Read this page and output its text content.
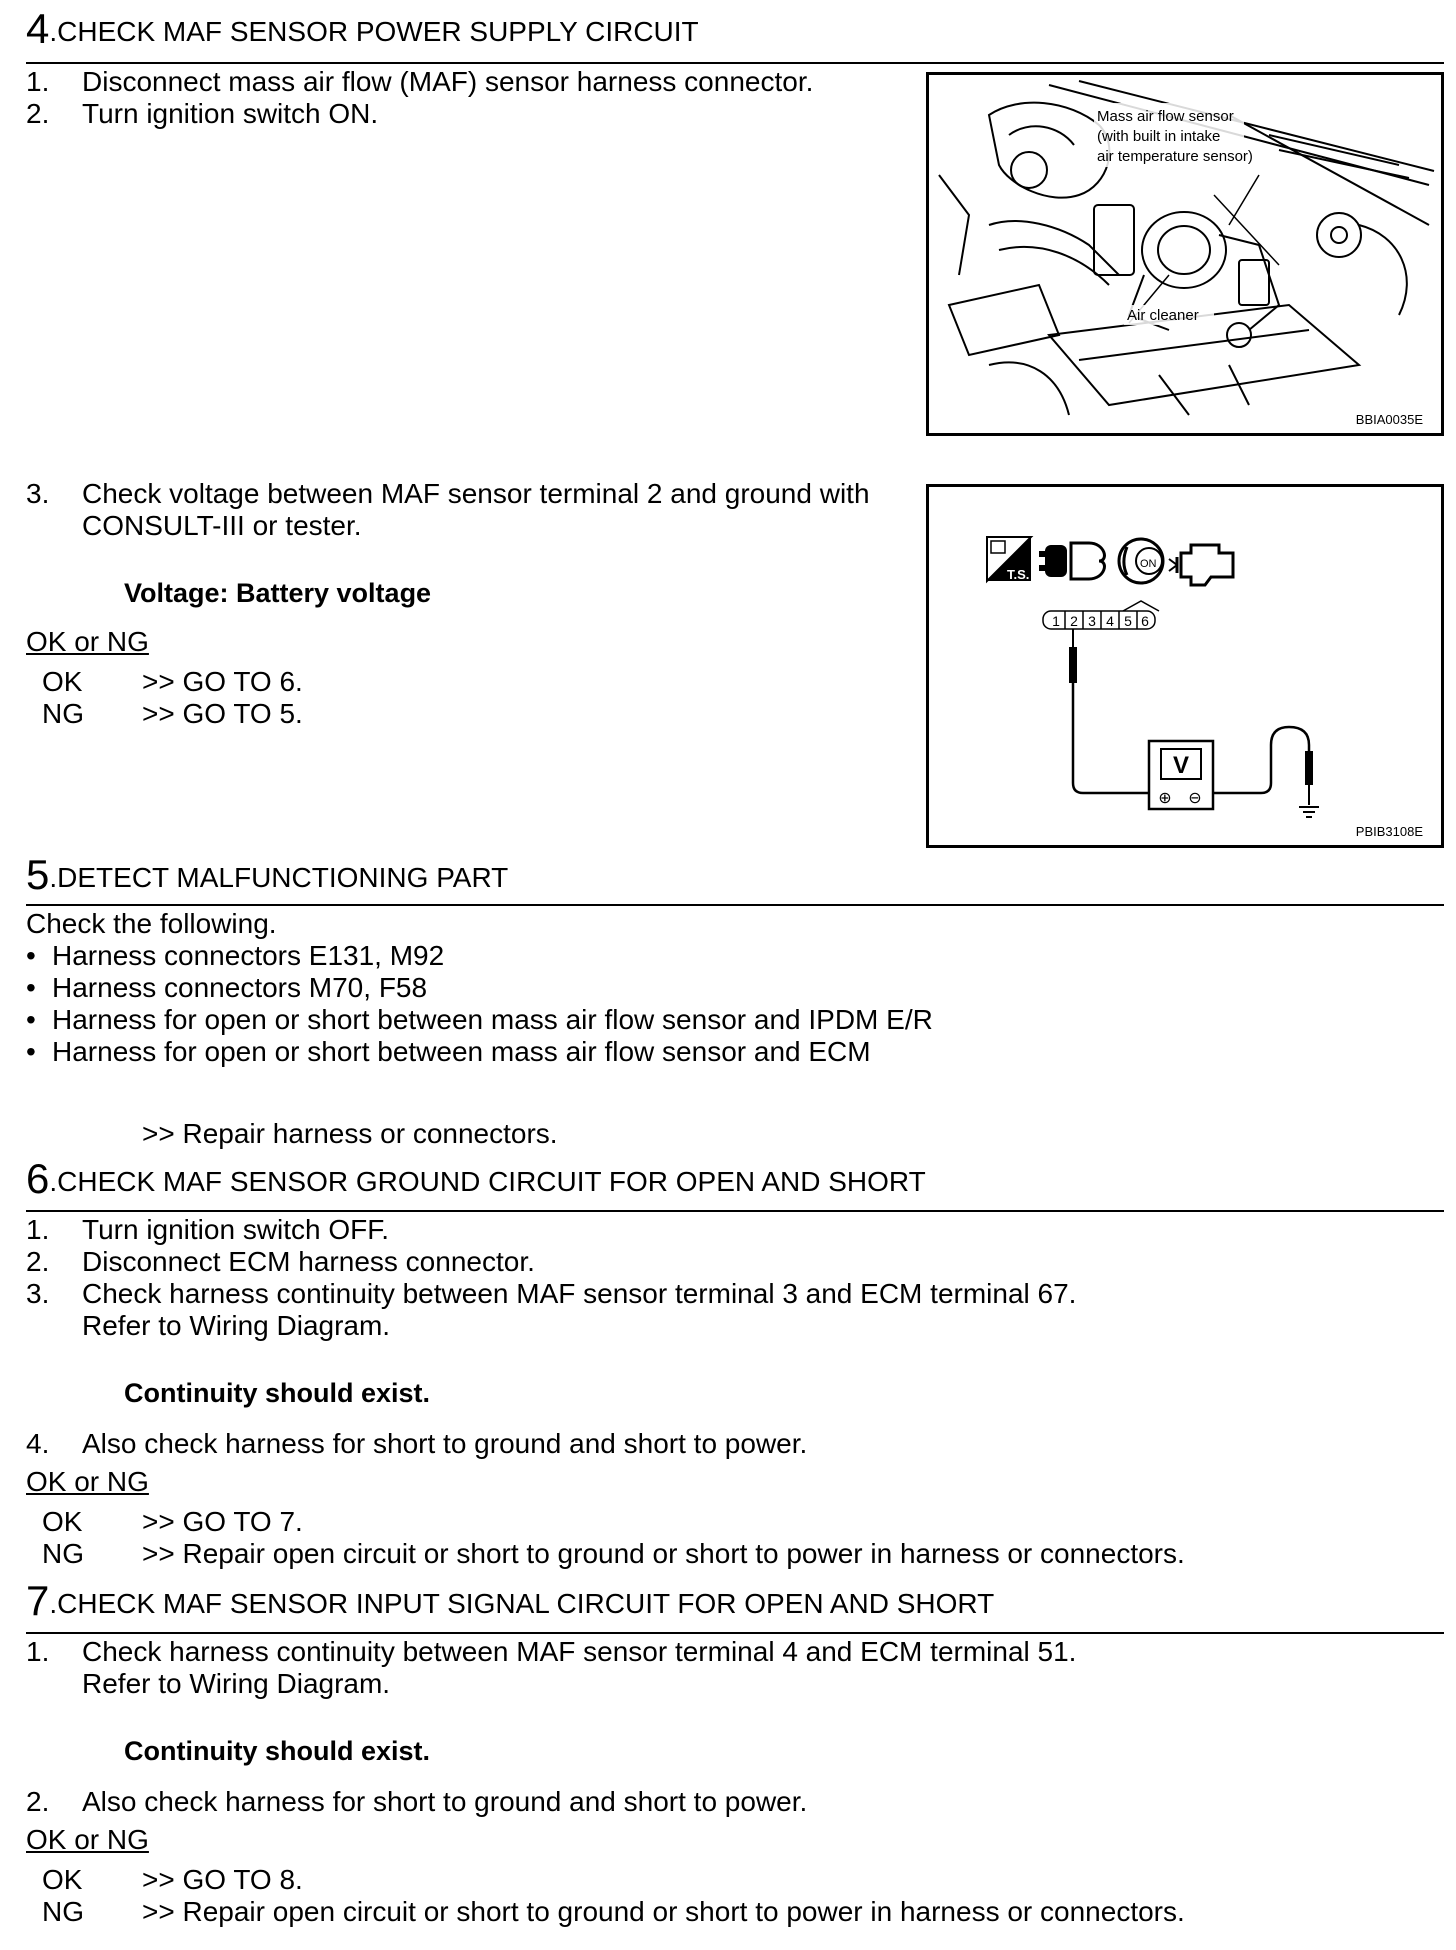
4.CHECK MAF SENSOR POWER SUPPLY CIRCUIT
1. Disconnect mass air flow (MAF) sensor harness connector.
2. Turn ignition switch ON.
3. Check voltage between MAF sensor terminal 2 and ground with
CONSULT-III or tester.
Voltage: Battery voltage
OK or NG
OK >> GO TO 6.
NG >> GO TO 5.
Mass air flow sensor
(with built in intake
air temperature sensor)
Air cleaner
BBIA0035E
T.S.
ON
1 2 3 4 5 6
V
⊕ ⊖
PBIB3108E
5.DETECT MALFUNCTIONING PART
Check the following.
• Harness connectors E131, M92
• Harness connectors M70, F58
• Harness for open or short between mass air flow sensor and IPDM E/R
• Harness for open or short between mass air flow sensor and ECM
>> Repair harness or connectors.
6.CHECK MAF SENSOR GROUND CIRCUIT FOR OPEN AND SHORT
1. Turn ignition switch OFF.
2. Disconnect ECM harness connector.
3. Check harness continuity between MAF sensor terminal 3 and ECM terminal 67.
Refer to Wiring Diagram.
Continuity should exist.
4. Also check harness for short to ground and short to power.
OK or NG
OK >> GO TO 7.
NG >> Repair open circuit or short to ground or short to power in harness or connectors.
7.CHECK MAF SENSOR INPUT SIGNAL CIRCUIT FOR OPEN AND SHORT
1. Check harness continuity between MAF sensor terminal 4 and ECM terminal 51.
Refer to Wiring Diagram.
Continuity should exist.
2. Also check harness for short to ground and short to power.
OK or NG
OK >> GO TO 8.
NG >> Repair open circuit or short to ground or short to power in harness or connectors.
